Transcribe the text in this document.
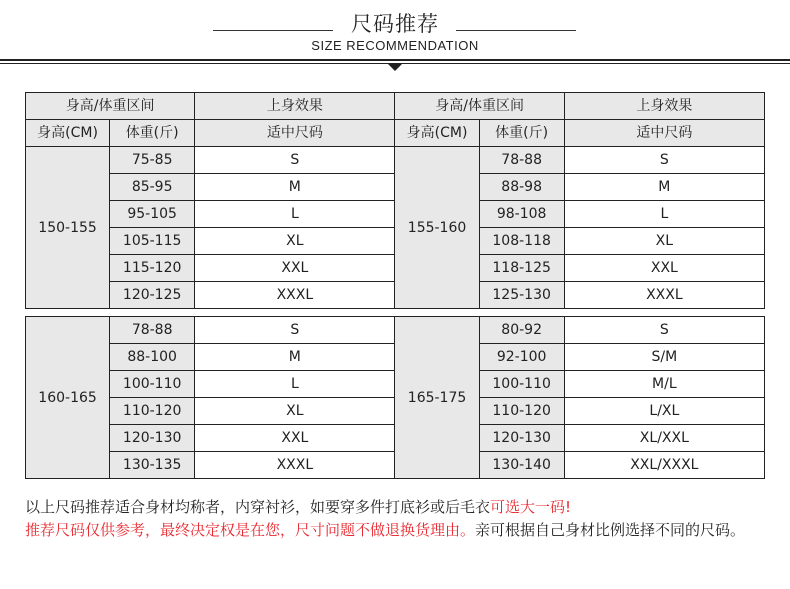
尺码推荐
SIZE RECOMMENDATION
身高/体重区间		上身效果	身高/体重区间		上身效果
身高(CM)	体重(斤)	适中尺码	身高(CM)	体重(斤)	适中尺码
150-155	75-85	S	155-160	78-88	S
	85-95	M		88-98	M
	95-105	L		98-108	L
	105-115	XL		108-118	XL
	115-120	XXL		118-125	XXL
	120-125	XXXL		125-130	XXXL
160-165	78-88	S	165-175	80-92	S
	88-100	M		92-100	S/M
	100-110	L		100-110	M/L
	110-120	XL		110-120	L/XL
	120-130	XXL		120-130	XL/XXL
	130-135	XXXL		130-140	XXL/XXXL
以上尺码推荐适合身材均称者，内穿衬衫，如要穿多件打底衫或后毛衣可选大一码!
推荐尺码仅供参考，最终决定权是在您，尺寸问题不做退换货理由。亲可根据自己身材比例选择不同的尺码。
